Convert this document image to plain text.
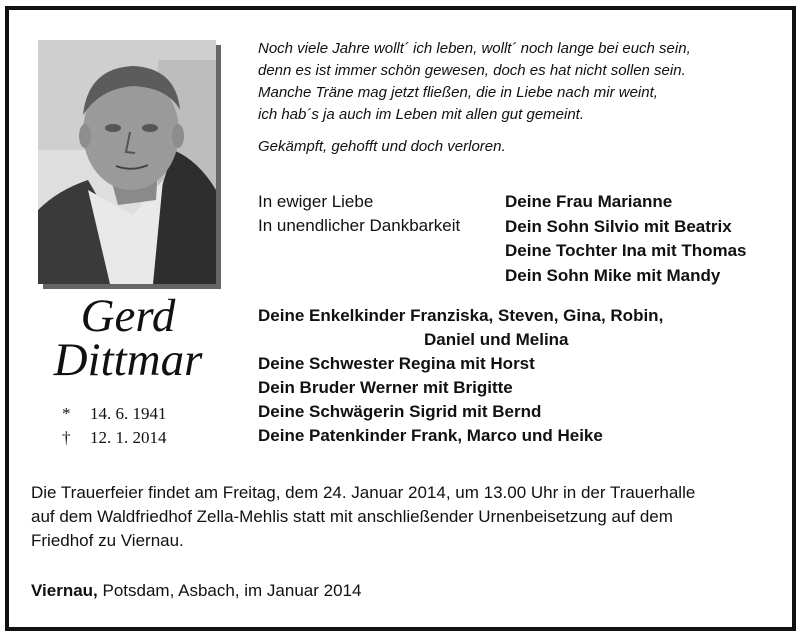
Noch viele Jahre wollt´ ich leben, wollt´ noch lange bei euch sein,
denn es ist immer schön gewesen, doch es hat nicht sollen sein.
Manche Träne mag jetzt fließen, die in Liebe nach mir weint,
ich hab´s ja auch im Leben mit allen gut gemeint.
Gekämpft, gehofft und doch verloren.
Gerd
Dittmar
*	14. 6. 1941
†	12. 1. 2014
In ewiger Liebe
In unendlicher Dankbarkeit
Deine Frau Marianne
Dein Sohn Silvio mit Beatrix
Deine Tochter Ina mit Thomas
Dein Sohn Mike mit Mandy
Deine Enkelkinder Franziska, Steven, Gina, Robin,
Daniel und Melina
Deine Schwester Regina mit Horst
Dein Bruder Werner mit Brigitte
Deine Schwägerin Sigrid mit Bernd
Deine Patenkinder Frank, Marco und Heike
Die Trauerfeier findet am Freitag, dem 24. Januar 2014, um 13.00 Uhr in der Trauerhalle
auf dem Waldfriedhof Zella-Mehlis statt mit anschließender Urnenbeisetzung auf dem
Friedhof zu Viernau.
Viernau, Potsdam, Asbach, im Januar 2014
